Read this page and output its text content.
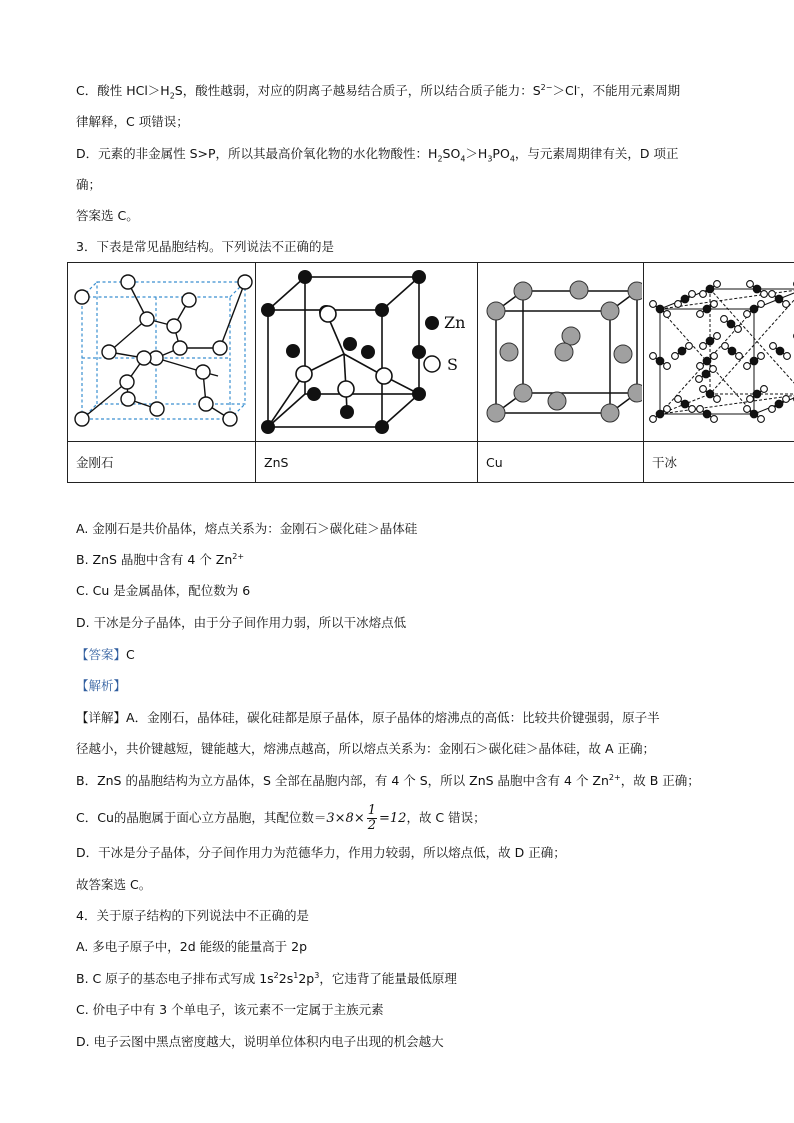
C．酸性 $HCl>H_2S$，酸性越弱，对应的阴离子越易结合质子，所以结合质子能力：$S^{2-}>Cl^-$，不能用元素周期
律解释，C 项错误；
D．元素的非金属性 S>P，所以其最高价氧化物的水化物酸性：$H_2SO_4>H_3PO_4$，与元素周期律有关，D 项正
确；
答案选 C。
3．下表是常见晶胞结构。下列说法不正确的是

Zn
S

金刚石	ZnS	Cu	干冰
A. 金刚石是共价晶体，熔点关系为：金刚石＞碳化硅＞晶体硅
B. ZnS 晶胞中含有 4 个 $Zn^{2+}$
C. Cu 是金属晶体，配位数为 6
D. 干冰是分子晶体，由于分子间作用力弱，所以干冰熔点低
【答案】C
【解析】
【详解】A．金刚石，晶体硅，碳化硅都是原子晶体，原子晶体的熔沸点的高低：比较共价键强弱，原子半
径越小，共价键越短，键能越大，熔沸点越高，所以熔点关系为：金刚石＞碳化硅＞晶体硅，故 A 正确；
B．ZnS 的晶胞结构为立方晶体，S 全部在晶胞内部，有 4 个 S，所以 ZnS 晶胞中含有 4 个 $Zn^{2+}$，故 B 正确；
C．Cu的晶胞属于面心立方晶胞，其配位数$=3\times 8\times \frac{1}{2} =12$，故 C 错误；
D．干冰是分子晶体，分子间作用力为范德华力，作用力较弱，所以熔点低，故 D 正确；
故答案选 C。
4．关于原子结构的下列说法中不正确的是
A. 多电子原子中，2d 能级的能量高于 2p
B. C 原子的基态电子排布式写成 $1s^22s^12p^3$，它违背了能量最低原理
C. 价电子中有 3 个单电子，该元素不一定属于主族元素
D. 电子云图中黑点密度越大，说明单位体积内电子出现的机会越大
